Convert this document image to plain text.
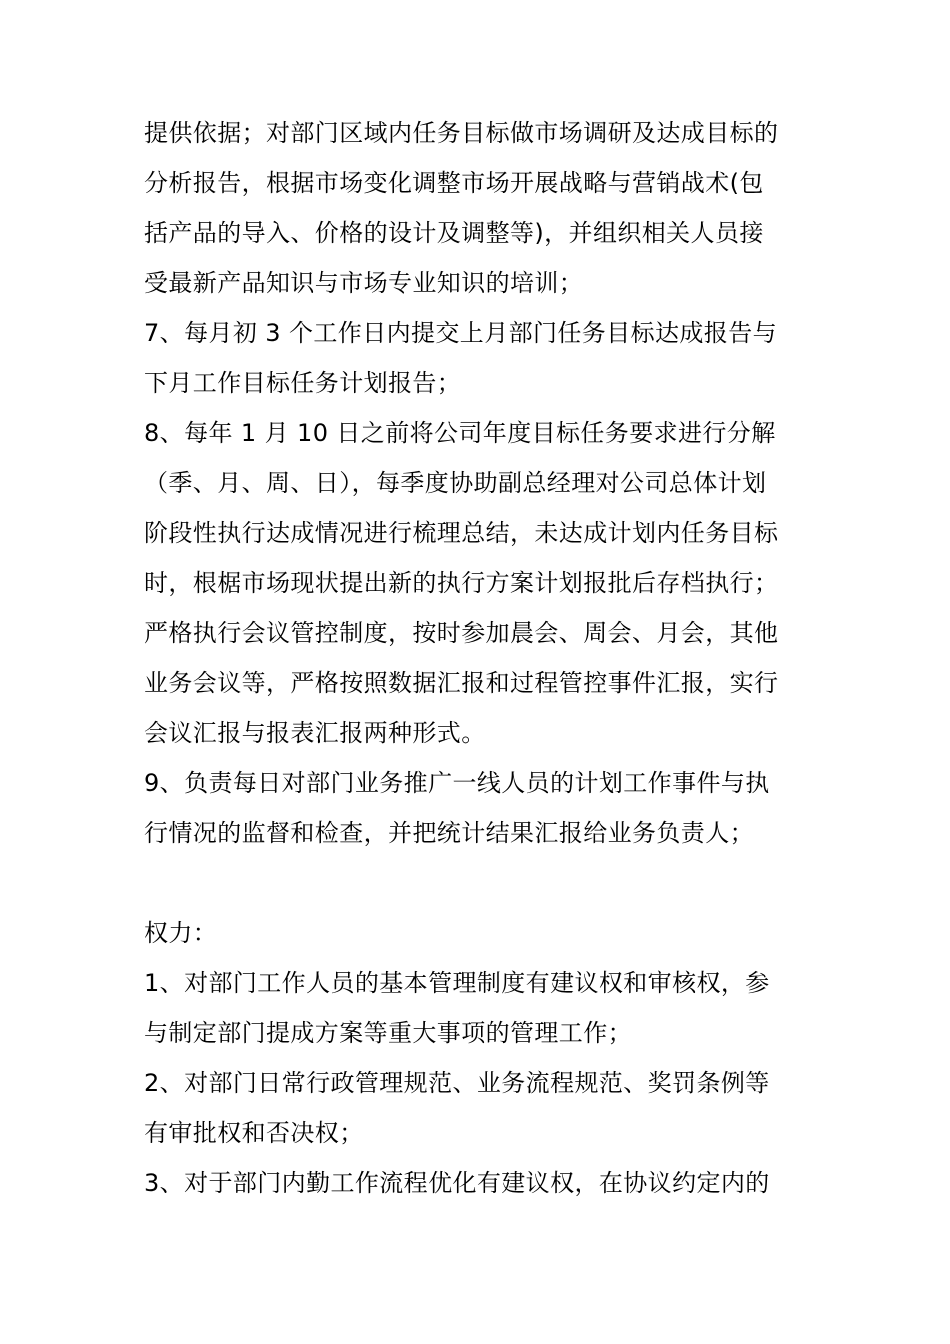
提供依据；对部门区域内任务目标做市场调研及达成目标的
分析报告，根据市场变化调整市场开展战略与营销战术(包
括产品的导入、价格的设计及调整等)，并组织相关人员接
受最新产品知识与市场专业知识的培训；
7、每月初 3 个工作日内提交上月部门任务目标达成报告与
下月工作目标任务计划报告；
8、每年 1 月 10 日之前将公司年度目标任务要求进行分解
（季、月、周、日），每季度协助副总经理对公司总体计划
阶段性执行达成情况进行梳理总结，未达成计划内任务目标
时，根椐市场现状提出新的执行方案计划报批后存档执行；
严格执行会议管控制度，按时参加晨会、周会、月会，其他
业务会议等，严格按照数据汇报和过程管控事件汇报，实行
会议汇报与报表汇报两种形式。
9、负责每日对部门业务推广一线人员的计划工作事件与执
行情况的监督和检查，并把统计结果汇报给业务负责人；
权力：
1、对部门工作人员的基本管理制度有建议权和审核权，参
与制定部门提成方案等重大事项的管理工作；
2、对部门日常行政管理规范、业务流程规范、奖罚条例等
有审批权和否决权；
3、对于部门内勤工作流程优化有建议权，在协议约定内的
